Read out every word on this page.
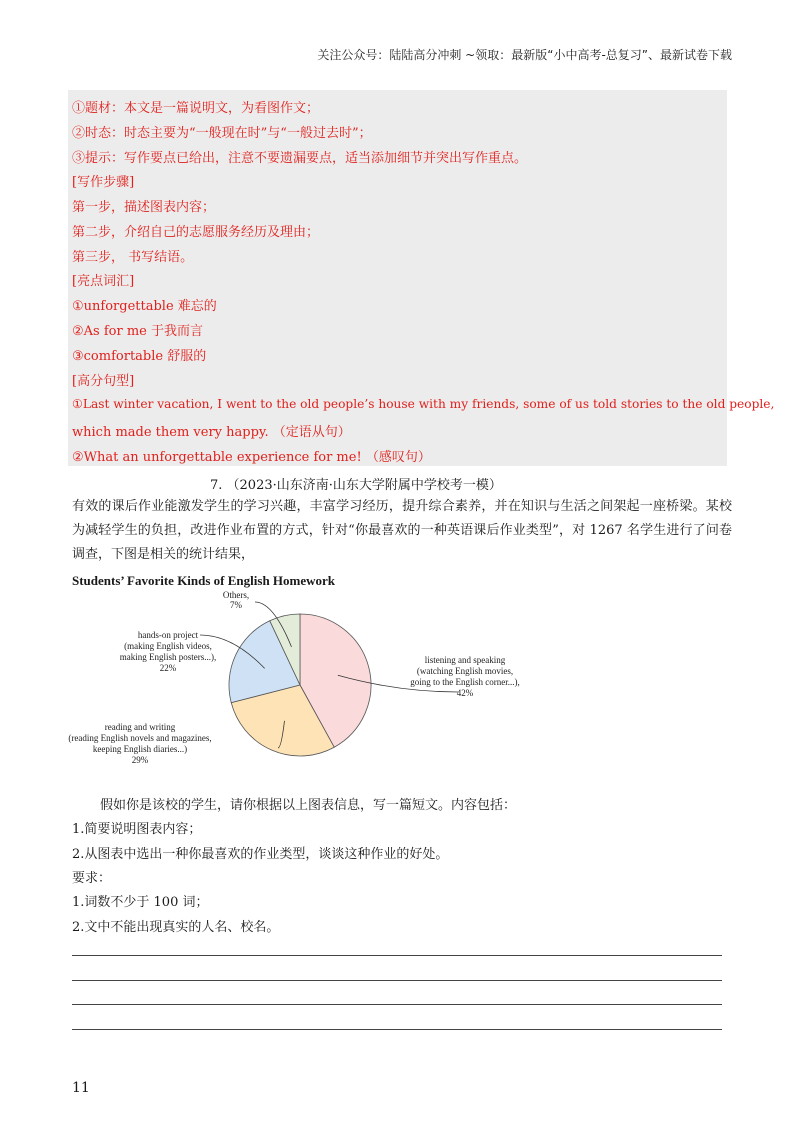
关注公众号：陆陆高分冲刺 ~领取：最新版“小中高考-总复习”、最新试卷下载
①题材：本文是一篇说明文，为看图作文；
②时态：时态主要为“一般现在时”与“一般过去时”；
③提示：写作要点已给出，注意不要遗漏要点，适当添加细节并突出写作重点。
[写作步骤]
第一步，描述图表内容；
第二步，介绍自己的志愿服务经历及理由；
第三步， 书写结语。
[亮点词汇]
①unforgettable 难忘的
②As for me 于我而言
③comfortable 舒服的
[高分句型]
①Last winter vacation, I went to the old people’s house with my friends, some of us told stories to the old people,
which made them very happy. （定语从句）
②What an unforgettable experience for me! （感叹句）
7. （2023·山东济南·山东大学附属中学校考一模）
有效的课后作业能激发学生的学习兴趣，丰富学习经历，提升综合素养，并在知识与生活之间架起一座桥梁。某校为减轻学生的负担，改进作业布置的方式，针对“你最喜欢的一种英语课后作业类型”，对 1267 名学生进行了问卷调查，下图是相关的统计结果，
Students’ Favorite Kinds of English Homework
listening and speaking
(watching English movies,
going to the English corner...),
42%
reading and writing
(reading English novels and magazines,
keeping English diaries...)
29%
hands-on project
(making English videos,
making English posters...),
22%
Others,
7%
假如你是该校的学生，请你根据以上图表信息，写一篇短文。内容包括：
1.简要说明图表内容；
2.从图表中选出一种你最喜欢的作业类型，谈谈这种作业的好处。
要求：
1.词数不少于 100 词；
2.文中不能出现真实的人名、校名。
11
